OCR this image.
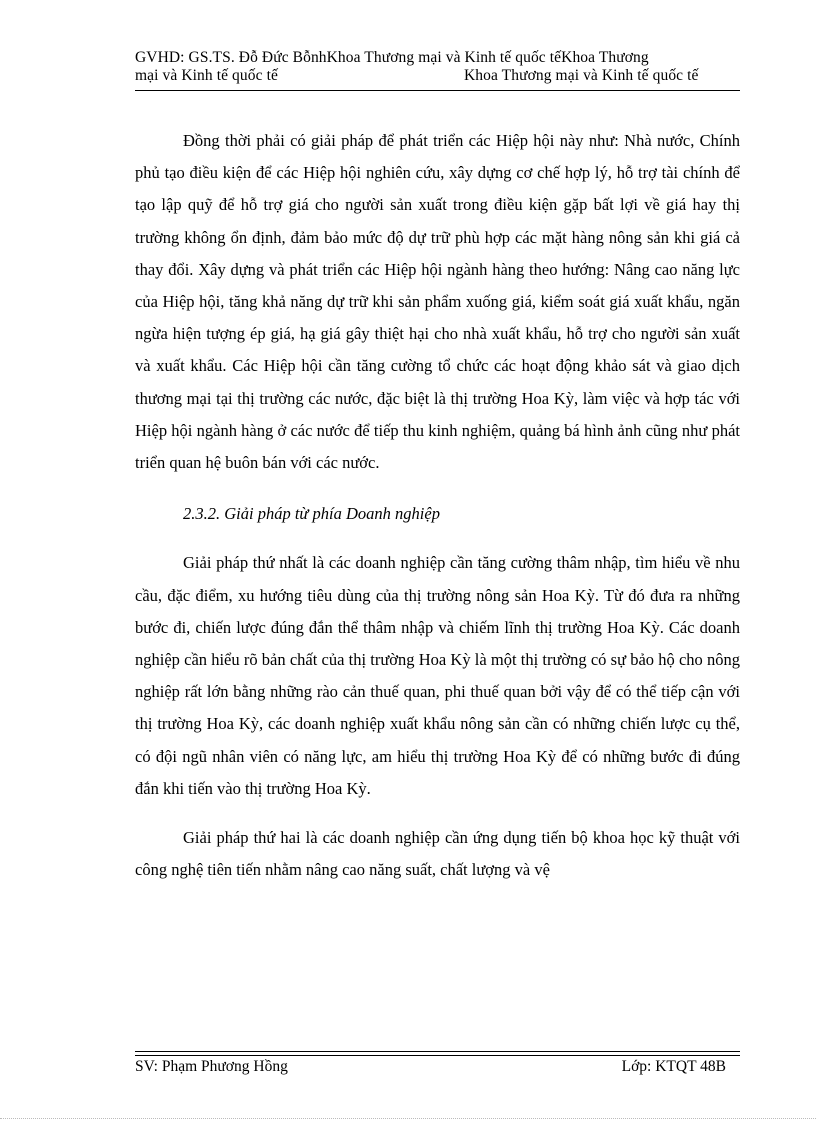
GVHD: GS.TS. Đỗ Đức BỗnhKhoa Thương mại và Kinh tế quốc tếKhoa Thương
mại và Kinh tế quốc tế	Khoa Thương mại và Kinh tế quốc tế

Đồng thời phải có giải pháp để phát triển các Hiệp hội này như: Nhà nước, Chính phủ tạo điều kiện để các Hiệp hội nghiên cứu, xây dựng cơ chế hợp lý, hỗ trợ tài chính để tạo lập quỹ để hỗ trợ giá cho người sản xuất trong điều kiện gặp bất lợi về giá hay thị trường không ổn định, đảm bảo mức độ dự trữ phù hợp các mặt hàng nông sản khi giá cả thay đổi. Xây dựng và phát triển các Hiệp hội ngành hàng theo hướng: Nâng cao năng lực của Hiệp hội, tăng khả năng dự trữ khi sản phẩm xuống giá, kiểm soát giá xuất khẩu, ngăn ngừa hiện tượng ép giá, hạ giá gây thiệt hại cho nhà xuất khẩu, hỗ trợ cho người sản xuất và xuất khẩu. Các Hiệp hội cần tăng cường tổ chức các hoạt động khảo sát và giao dịch thương mại tại thị trường các nước, đặc biệt là thị trường Hoa Kỳ, làm việc và hợp tác với Hiệp hội ngành hàng ở các nước để tiếp thu kinh nghiệm, quảng bá hình ảnh cũng như phát triển quan hệ buôn bán với các nước.

2.3.2. Giải pháp từ phía Doanh nghiệp

Giải pháp thứ nhất là các doanh nghiệp cần tăng cường thâm nhập, tìm hiểu về nhu cầu, đặc điểm, xu hướng tiêu dùng của thị trường nông sản Hoa Kỳ. Từ đó đưa ra những bước đi, chiến lược đúng đắn thể thâm nhập và chiếm lĩnh thị trường Hoa Kỳ. Các doanh nghiệp cần hiểu rõ bản chất của thị trường Hoa Kỳ là một thị trường có sự bảo hộ cho nông nghiệp rất lớn bằng những rào cản thuế quan, phi thuế quan bởi vậy để có thể tiếp cận với thị trường Hoa Kỳ, các doanh nghiệp xuất khẩu nông sản cần có những chiến lược cụ thể, có đội ngũ nhân viên có năng lực, am hiểu thị trường Hoa Kỳ để có những bước đi đúng đắn khi tiến vào thị trường Hoa Kỳ.

Giải pháp thứ hai là các doanh nghiệp cần ứng dụng tiến bộ khoa học kỹ thuật với công nghệ tiên tiến nhằm nâng cao năng suất, chất lượng và vệ

SV: Phạm Phương Hồng	Lớp: KTQT 48B
